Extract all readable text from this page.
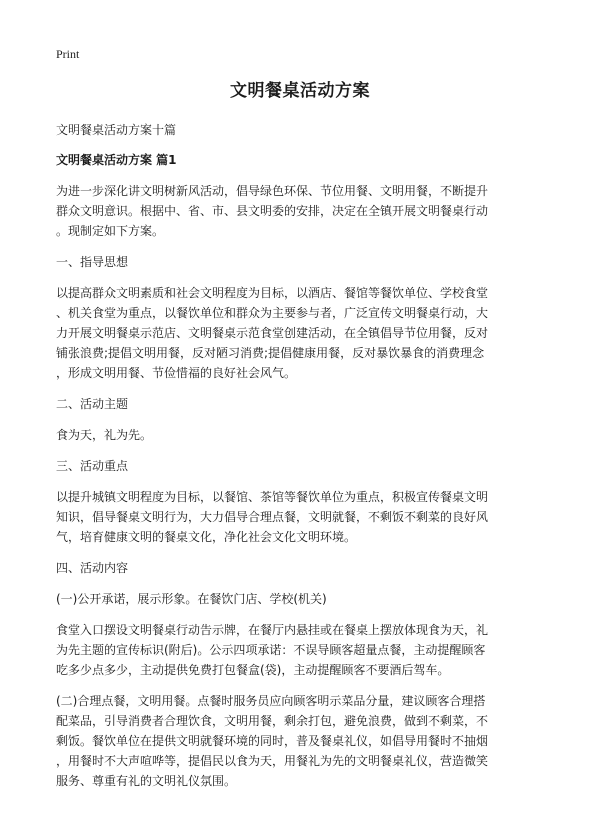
Print
文明餐桌活动方案

文明餐桌活动方案十篇

文明餐桌活动方案 篇1

为进一步深化讲文明树新风活动，倡导绿色环保、节位用餐、文明用餐，不断提升

群众文明意识。根据中、省、市、县文明委的安排，决定在全镇开展文明餐桌行动

。现制定如下方案。

一、指导思想

以提高群众文明素质和社会文明程度为目标，以酒店、餐馆等餐饮单位、学校食堂

、机关食堂为重点，以餐饮单位和群众为主要参与者，广泛宣传文明餐桌行动，大

力开展文明餐桌示范店、文明餐桌示范食堂创建活动，在全镇倡导节位用餐，反对

铺张浪费;提倡文明用餐，反对陋习消费;提倡健康用餐，反对暴饮暴食的消费理念

，形成文明用餐、节俭惜福的良好社会风气。

二、活动主题

食为天，礼为先。

三、活动重点

以提升城镇文明程度为目标，以餐馆、茶馆等餐饮单位为重点，积极宣传餐桌文明

知识，倡导餐桌文明行为，大力倡导合理点餐，文明就餐，不剩饭不剩菜的良好风

气，培育健康文明的餐桌文化，净化社会文化文明环境。

四、活动内容

(一)公开承诺，展示形象。在餐饮门店、学校(机关)

食堂入口摆设文明餐桌行动告示牌，在餐厅内悬挂或在餐桌上摆放体现食为天，礼

为先主题的宣传标识(附后)。公示四项承诺：不误导顾客超量点餐，主动提醒顾客

吃多少点多少，主动提供免费打包餐盒(袋)，主动提醒顾客不要酒后驾车。

(二)合理点餐，文明用餐。点餐时服务员应向顾客明示菜品分量，建议顾客合理搭

配菜品，引导消费者合理饮食，文明用餐，剩余打包，避免浪费，做到不剩菜，不

剩饭。餐饮单位在提供文明就餐环境的同时，普及餐桌礼仪，如倡导用餐时不抽烟

，用餐时不大声喧哗等，提倡民以食为天，用餐礼为先的文明餐桌礼仪，营造微笑

服务、尊重有礼的文明礼仪氛围。
